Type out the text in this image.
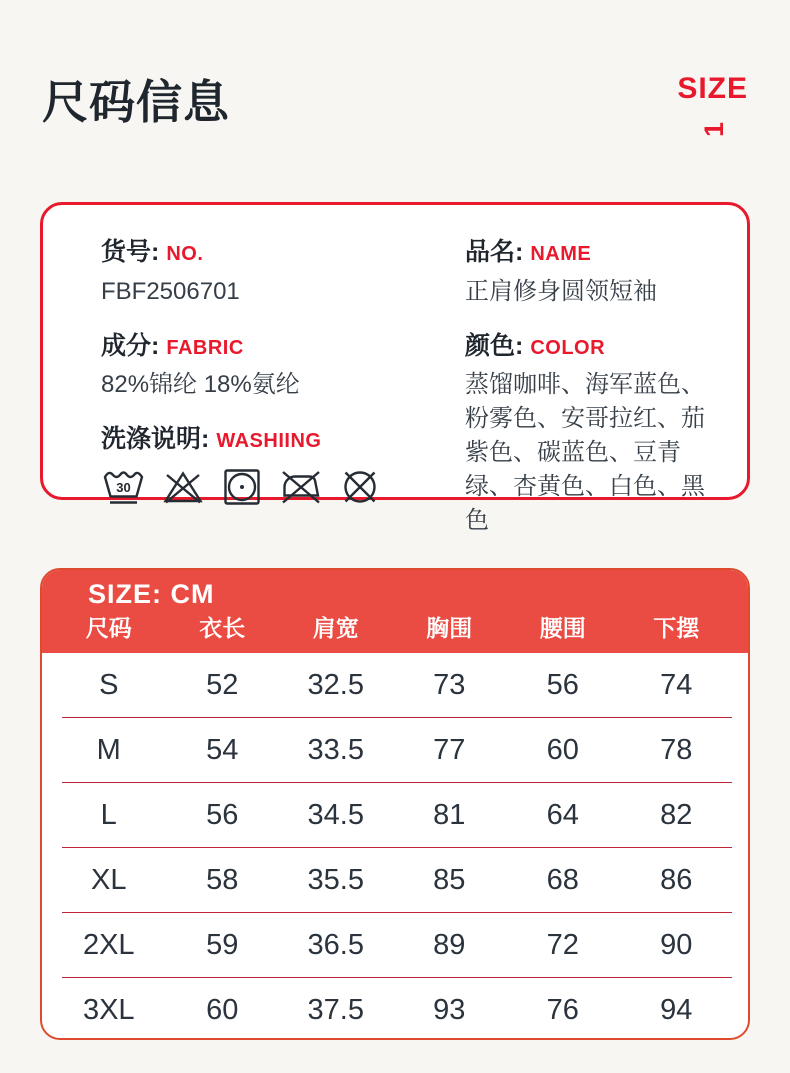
尺码信息	SIZE
1
货号: NO.
FBF2506701
成分: FABRIC
82%锦纶 18%氨纶
洗涤说明: WASHIING
30
品名: NAME
正肩修身圆领短袖
颜色: COLOR
蒸馏咖啡、海军蓝色、粉雾色、安哥拉红、茄紫色、碳蓝色、豆青绿、杏黄色、白色、黑色
SIZE: CM
尺码	衣长	肩宽	胸围	腰围	下摆
S	52	32.5	73	56	74
M	54	33.5	77	60	78
L	56	34.5	81	64	82
XL	58	35.5	85	68	86
2XL	59	36.5	89	72	90
3XL	60	37.5	93	76	94
